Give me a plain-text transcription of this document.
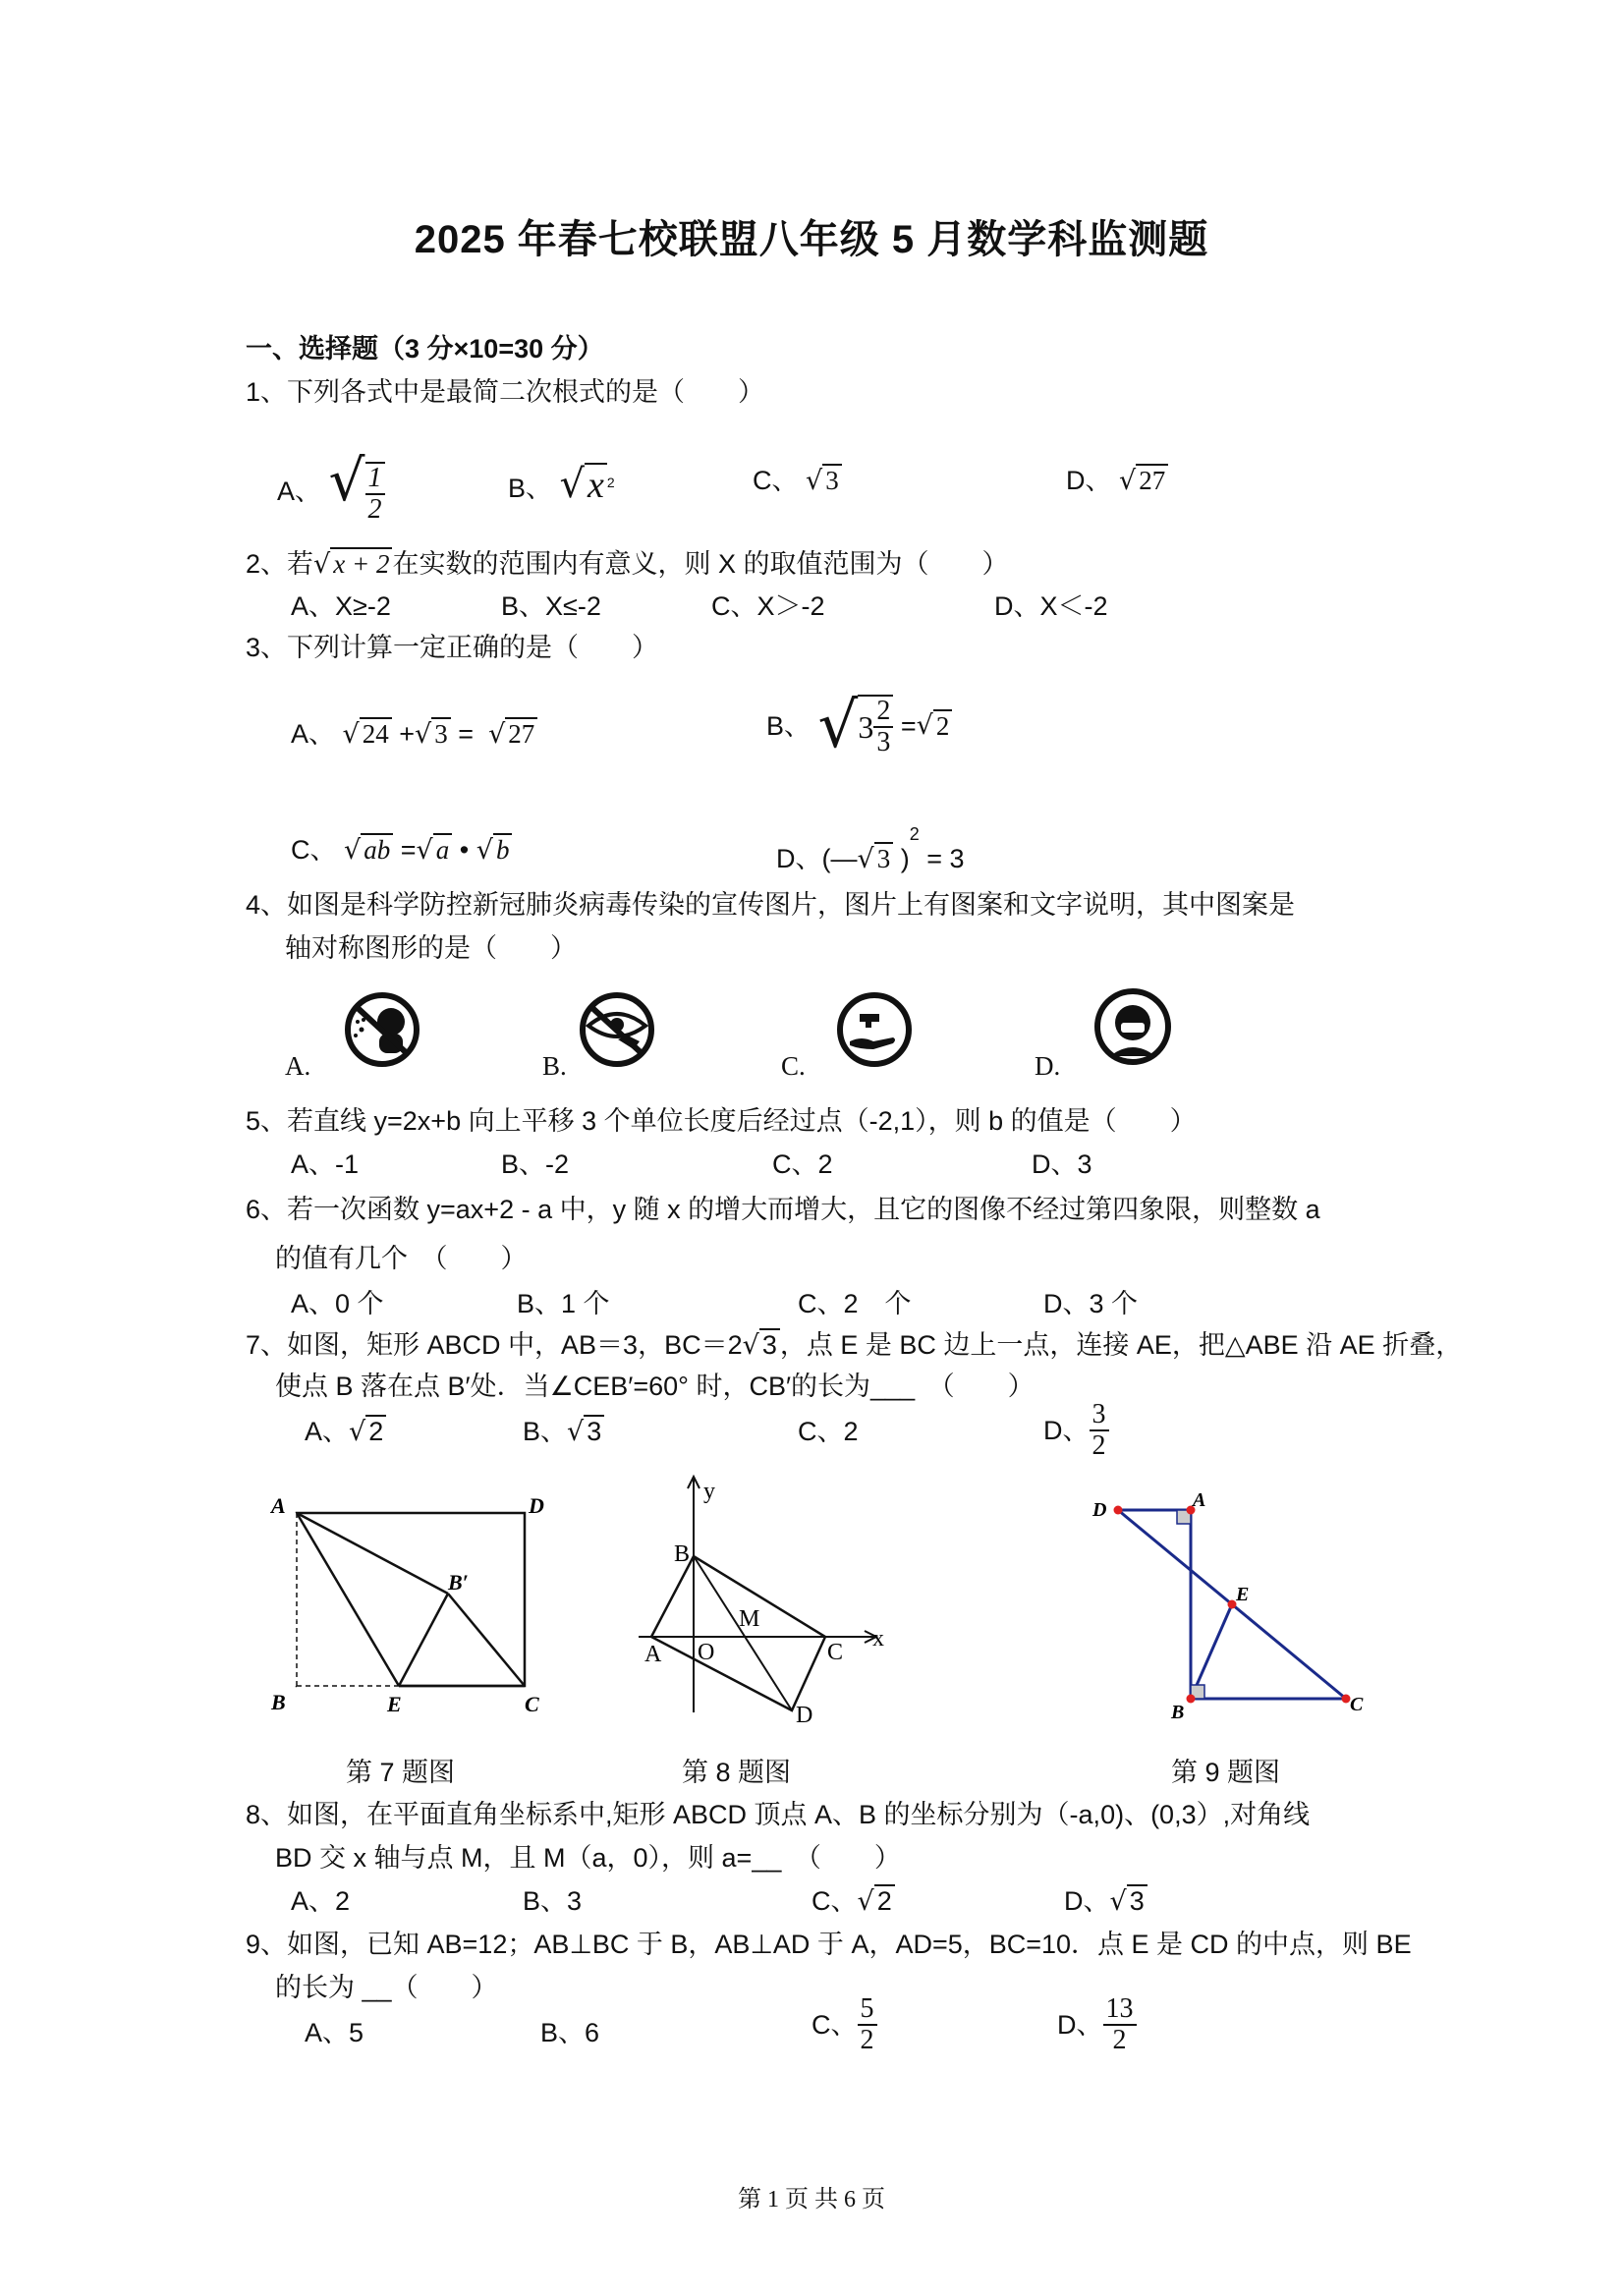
2025 年春七校联盟八年级 5 月数学科监测题
一、选择题（3 分×10=30 分）
1、下列各式中是最简二次根式的是（　　）
A、 √ $\frac{1}{2}$	B、 √x $^2$	C、 √ 3	D、 √ 27
2、若√ x + 2 在实数的范围内有意义，则 X 的取值范围为（　　）
A、X≥-2	B、X≤-2	C、X＞-2	D、X＜-2
3、下列计算一定正确的是（　　）
A、 √ 24 +√ 3 = √ 27	B、 √ $3 \frac{2}{3}$ =√ 2
C、 √ ab =√ a • √ b	D、(—√ 3 )$^2$ = 3
4、如图是科学防控新冠肺炎病毒传染的宣传图片，图片上有图案和文字说明，其中图案是
轴对称图形的是（　　）
A.	B.	C.	D.
5、若直线 y=2x+b 向上平移 3 个单位长度后经过点（-2,1），则 b 的值是（　　）
A、-1	B、-2	C、2	D、3
6、若一次函数 y=ax+2 - a 中，y 随 x 的增大而增大，且它的图像不经过第四象限，则整数 a
的值有几个　（　　）
A、0 个	B、1 个	C、2　个	D、3 个
7、如图，矩形 ABCD 中，AB＝3，BC＝2√ 3 ，点 E 是 BC 边上一点，连接 AE，把△ABE 沿 AE 折叠，
使点 B 落在点 B′处．当∠CEB′=60° 时，CB′的长为___　（　　）
A、√ 2	B、√ 3	C、2	D、 $\frac{3}{2}$
A	D
B	E	C
B′
第 7 题图
y
x
B
M
A O	C
D
第 8 题图
D	A
E
B	C
第 9 题图
8、如图，在平面直角坐标系中,矩形 ABCD 顶点 A、B 的坐标分别为（-a,0)、(0,3）,对角线
BD 交 x 轴与点 M，且 M（a，0），则 a=__　（　　）
A、2	B、3	C、√ 2	D、√ 3
9、如图，已知 AB=12；AB⊥BC 于 B，AB⊥AD 于 A，AD=5，BC=10．点 E 是 CD 的中点，则 BE
的长为 __（　　）
A、5	B、6	C、 $\frac{5}{2}$	D、 $\frac{13}{2}$
第 1 页 共 6 页
